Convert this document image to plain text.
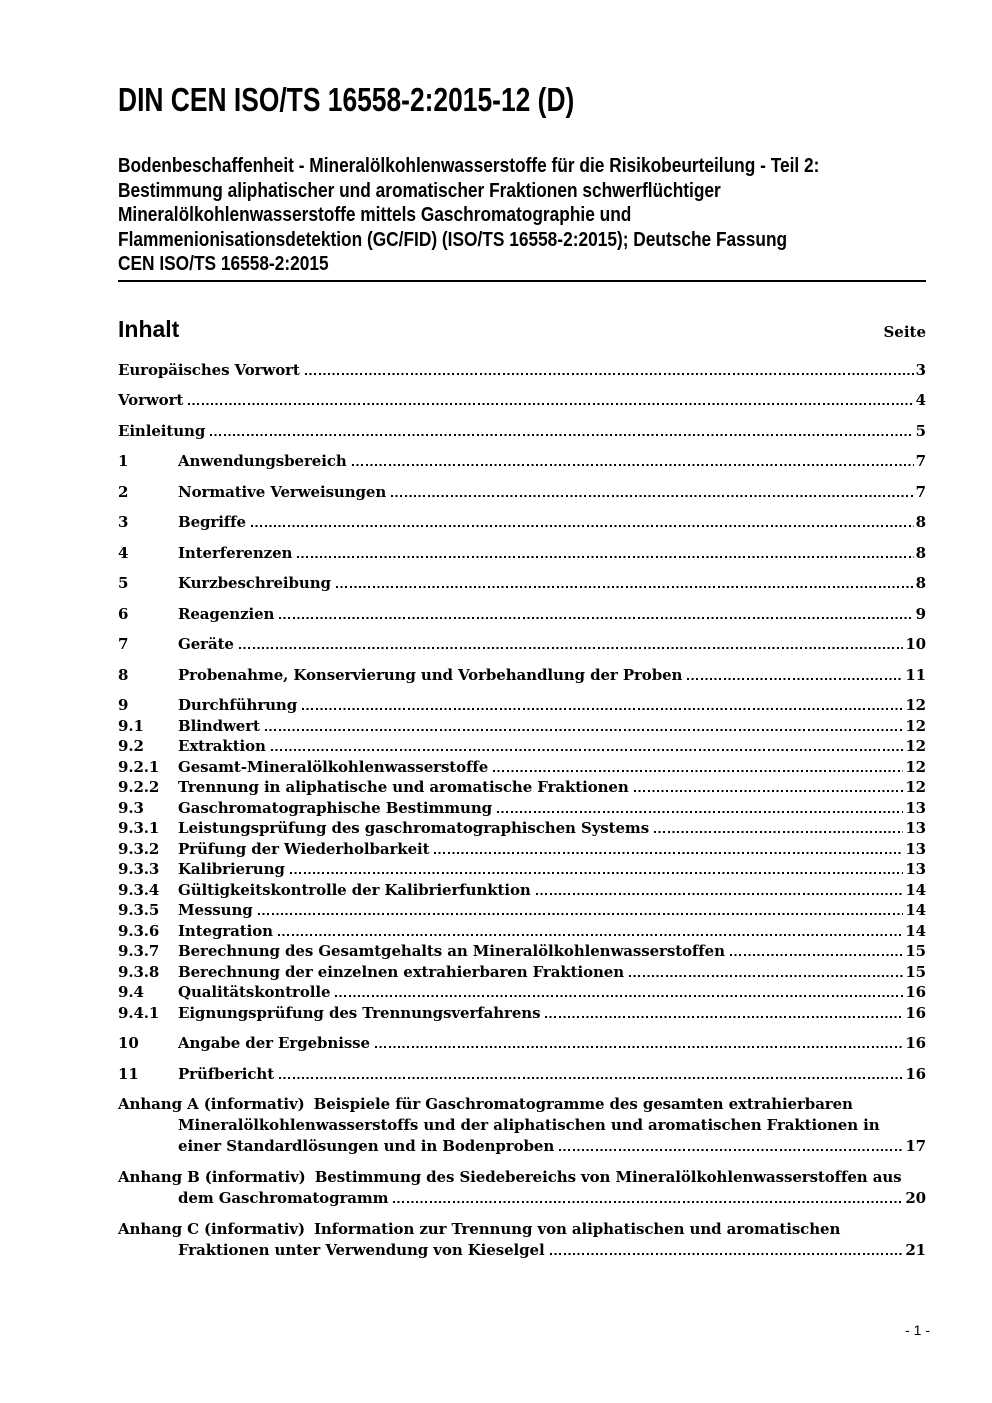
DIN CEN ISO/TS 16558-2:2015-12 (D)
Bodenbeschaffenheit - Mineralölkohlenwasserstoffe für die Risikobeurteilung - Teil 2:
Bestimmung aliphatischer und aromatischer Fraktionen schwerflüchtiger
Mineralölkohlenwasserstoffe mittels Gaschromatographie und
Flammenionisationsdetektion (GC/FID) (ISO/TS 16558-2:2015); Deutsche Fassung
CEN ISO/TS 16558-2:2015
Inhalt	Seite
Europäisches Vorwort	3
Vorwort	4
Einleitung	5
1	Anwendungsbereich	7
2	Normative Verweisungen	7
3	Begriffe	8
4	Interferenzen	8
5	Kurzbeschreibung	8
6	Reagenzien	9
7	Geräte	10
8	Probenahme, Konservierung und Vorbehandlung der Proben	11
9	Durchführung	12
9.1	Blindwert	12
9.2	Extraktion	12
9.2.1	Gesamt-Mineralölkohlenwasserstoffe	12
9.2.2	Trennung in aliphatische und aromatische Fraktionen	12
9.3	Gaschromatographische Bestimmung	13
9.3.1	Leistungsprüfung des gaschromatographischen Systems	13
9.3.2	Prüfung der Wiederholbarkeit	13
9.3.3	Kalibrierung	13
9.3.4	Gültigkeitskontrolle der Kalibrierfunktion	14
9.3.5	Messung	14
9.3.6	Integration	14
9.3.7	Berechnung des Gesamtgehalts an Mineralölkohlenwasserstoffen	15
9.3.8	Berechnung der einzelnen extrahierbaren Fraktionen	15
9.4	Qualitätskontrolle	16
9.4.1	Eignungsprüfung des Trennungsverfahrens	16
10	Angabe der Ergebnisse	16
11	Prüfbericht	16
Anhang A (informativ) Beispiele für Gaschromatogramme des gesamten extrahierbaren
Mineralölkohlenwasserstoffs und der aliphatischen und aromatischen Fraktionen in
einer Standardlösungen und in Bodenproben	17
Anhang B (informativ) Bestimmung des Siedebereichs von Mineralölkohlenwasserstoffen aus
dem Gaschromatogramm	20
Anhang C (informativ) Information zur Trennung von aliphatischen und aromatischen
Fraktionen unter Verwendung von Kieselgel	21
- 1 -
